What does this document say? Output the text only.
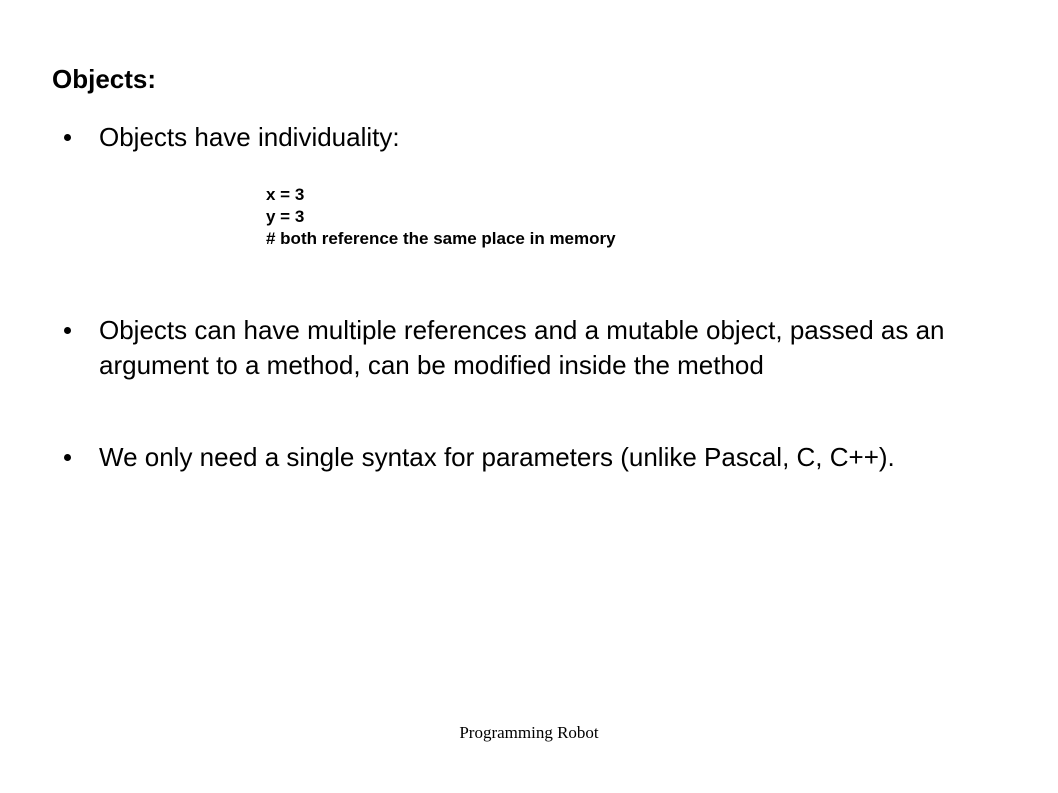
Objects:
Objects have individuality:
x = 3
y = 3
# both reference the same place in memory
Objects can have multiple references and a mutable object, passed as an argument to a method, can be modified inside the method
We only need a single syntax for parameters (unlike Pascal, C, C++).
Programming Robot
